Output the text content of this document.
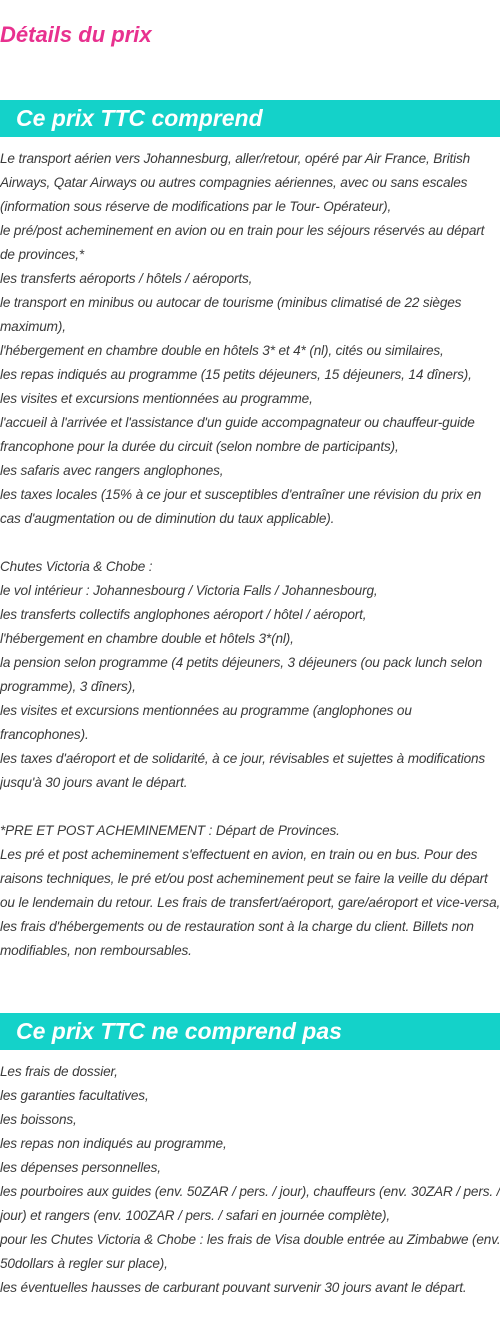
Détails du prix
Ce prix TTC comprend
Le transport aérien vers Johannesburg, aller/retour, opéré par Air France, British Airways, Qatar Airways ou autres compagnies aériennes, avec ou sans escales (information sous réserve de modifications par le Tour- Opérateur),
le pré/post acheminement en avion ou en train pour les séjours réservés au départ de provinces,*
les transferts aéroports / hôtels / aéroports,
le transport en minibus ou autocar de tourisme (minibus climatisé de 22 sièges maximum),
l'hébergement en chambre double en hôtels 3* et 4* (nl), cités ou similaires,
les repas indiqués au programme (15 petits déjeuners, 15 déjeuners, 14 dîners),
les visites et excursions mentionnées au programme,
l'accueil à l'arrivée et l'assistance d'un guide accompagnateur ou chauffeur-guide francophone pour la durée du circuit (selon nombre de participants),
les safaris avec rangers anglophones,
les taxes locales (15% à ce jour et susceptibles d'entraîner une révision du prix en cas d'augmentation ou de diminution du taux applicable).
Chutes Victoria & Chobe :
le vol intérieur : Johannesbourg / Victoria Falls / Johannesbourg,
les transferts collectifs anglophones aéroport / hôtel / aéroport,
l'hébergement en chambre double et hôtels 3*(nl),
la pension selon programme (4 petits déjeuners, 3 déjeuners (ou pack lunch selon programme), 3 dîners),
les visites et excursions mentionnées au programme (anglophones ou francophones).
les taxes d'aéroport et de solidarité, à ce jour, révisables et sujettes à modifications jusqu'à 30 jours avant le départ.
*PRE ET POST ACHEMINEMENT : Départ de Provinces.
Les pré et post acheminement s'effectuent en avion, en train ou en bus. Pour des raisons techniques, le pré et/ou post acheminement peut se faire la veille du départ ou le lendemain du retour. Les frais de transfert/aéroport, gare/aéroport et vice-versa, les frais d'hébergements ou de restauration sont à la charge du client. Billets non modifiables, non remboursables.
Ce prix TTC ne comprend pas
Les frais de dossier,
les garanties facultatives,
les boissons,
les repas non indiqués au programme,
les dépenses personnelles,
les pourboires aux guides (env. 50ZAR / pers. / jour), chauffeurs (env. 30ZAR / pers. / jour) et rangers (env. 100ZAR / pers. / safari en journée complète),
pour les Chutes Victoria & Chobe : les frais de Visa double entrée au Zimbabwe (env. 50dollars à regler sur place),
les éventuelles hausses de carburant pouvant survenir 30 jours avant le départ.
